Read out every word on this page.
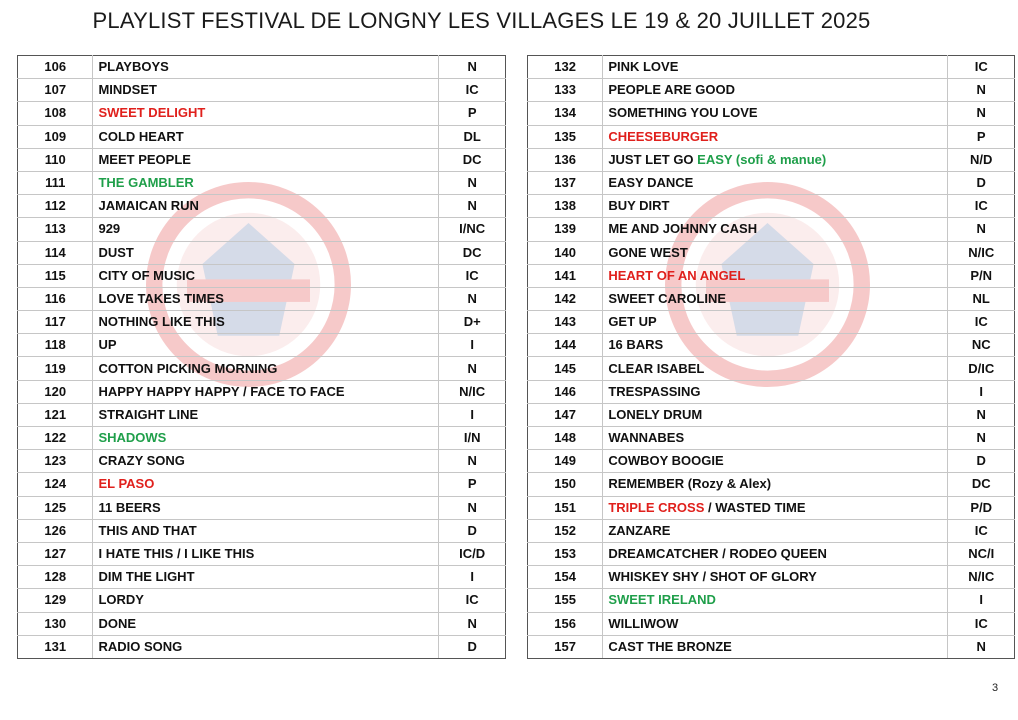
PLAYLIST FESTIVAL DE LONGNY LES VILLAGES LE 19 & 20 JUILLET 2025
106	PLAYBOYS	N
107	MINDSET	IC
108	SWEET DELIGHT	P
109	COLD HEART	DL
110	MEET PEOPLE	DC
111	THE GAMBLER	N
112	JAMAICAN RUN	N
113	929	I/NC
114	DUST	DC
115	CITY OF MUSIC	IC
116	LOVE TAKES TIMES	N
117	NOTHING LIKE THIS	D+
118	UP	I
119	COTTON PICKING MORNING	N
120	HAPPY HAPPY HAPPY / FACE TO FACE	N/IC
121	STRAIGHT LINE	I
122	SHADOWS	I/N
123	CRAZY SONG	N
124	EL PASO	P
125	11 BEERS	N
126	THIS AND THAT	D
127	I HATE THIS / I LIKE THIS	IC/D
128	DIM THE LIGHT	I
129	LORDY	IC
130	DONE	N
131	RADIO SONG	D
132	PINK LOVE	IC
133	PEOPLE ARE GOOD	N
134	SOMETHING YOU LOVE	N
135	CHEESEBURGER	P
136	JUST LET GO EASY (sofi & manue)	N/D
137	EASY DANCE	D
138	BUY DIRT	IC
139	ME AND JOHNNY CASH	N
140	GONE WEST	N/IC
141	HEART OF AN ANGEL	P/N
142	SWEET CAROLINE	NL
143	GET UP	IC
144	16 BARS	NC
145	CLEAR ISABEL	D/IC
146	TRESPASSING	I
147	LONELY DRUM	N
148	WANNABES	N
149	COWBOY BOOGIE	D
150	REMEMBER (Rozy & Alex)	DC
151	TRIPLE CROSS / WASTED TIME	P/D
152	ZANZARE	IC
153	DREAMCATCHER / RODEO QUEEN	NC/I
154	WHISKEY SHY / SHOT OF GLORY	N/IC
155	SWEET IRELAND	I
156	WILLIWOW	IC
157	CAST THE BRONZE	N
3
